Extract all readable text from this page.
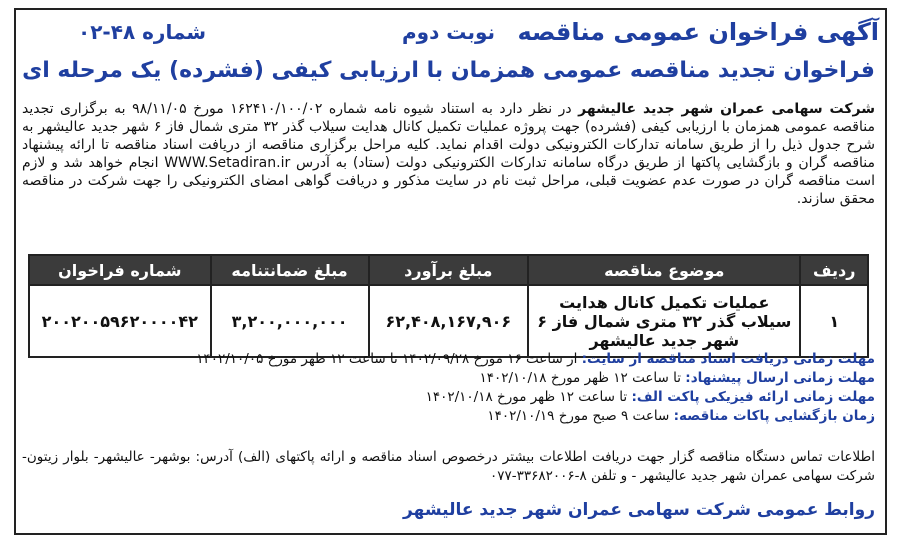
آگهی فراخوان عمومی مناقصه
نوبت دوم
شماره ۴۸-۰۲
فراخوان تجدید مناقصه عمومی همزمان با ارزیابی کیفی (فشرده) یک مرحله ای
شرکت سهامی عمران شهر جدید عالیشهر در نظر دارد به استناد شیوه نامه شماره ۱۶۲۴۱۰/۱۰۰/۰۲ مورخ ۹۸/۱۱/۰۵ به برگزاری تجدید مناقصه عمومی همزمان با ارزیابی کیفی (فشرده) جهت پروژه عملیات تکمیل کانال هدایت سیلاب گذر ۳۲ متری شمال فاز ۶ شهر جدید عالیشهر به شرح جدول ذیل را از طریق سامانه تدارکات الکترونیکی دولت اقدام نماید. کلیه مراحل برگزاری مناقصه از دریافت اسناد مناقصه تا ارائه پیشنهاد مناقصه گران و بازگشایی پاکتها از طریق درگاه سامانه تدارکات الکترونیکی دولت (ستاد) به آدرس WWW.Setadiran.ir انجام خواهد شد و لازم است مناقصه گران در صورت عدم عضویت قبلی، مراحل ثبت نام در سایت مذکور و دریافت گواهی امضای الکترونیکی را جهت شرکت در مناقصه محقق سازند.
ردیف	موضوع مناقصه	مبلغ برآورد	مبلغ ضمانتنامه	شماره فراخوان
۱	عملیات تکمیل کانال هدایت سیلاب گذر ۳۲ متری شمال فاز ۶ شهر جدید عالیشهر	۶۲,۴۰۸,۱۶۷,۹۰۶	۳,۲۰۰,۰۰۰,۰۰۰	۲۰۰۲۰۰۵۹۶۲۰۰۰۰۴۲
مهلت زمانی دریافت اسناد مناقصه از سایت: از ساعت ۱۶ مورخ ۱۴۰۲/۰۹/۲۸ تا ساعت ۱۲ ظهر مورخ ۱۴۰۲/۱۰/۰۵
مهلت زمانی ارسال پیشنهاد: تا ساعت ۱۲ ظهر مورخ ۱۴۰۲/۱۰/۱۸
مهلت زمانی ارائه فیزیکی پاکت الف: تا ساعت ۱۲ ظهر مورخ ۱۴۰۲/۱۰/۱۸
زمان بازگشایی پاکات مناقصه: ساعت ۹ صبح مورخ ۱۴۰۲/۱۰/۱۹
اطلاعات تماس دستگاه مناقصه گزار جهت دریافت اطلاعات بیشتر درخصوص اسناد مناقصه و ارائه پاکتهای (الف) آدرس: بوشهر- عالیشهر- بلوار زیتون- شرکت سهامی عمران شهر جدید عالیشهر - و تلفن ۸-۳۳۶۸۲۰۰۶-۰۷۷
روابط عمومی شرکت سهامی عمران شهر جدید عالیشهر
